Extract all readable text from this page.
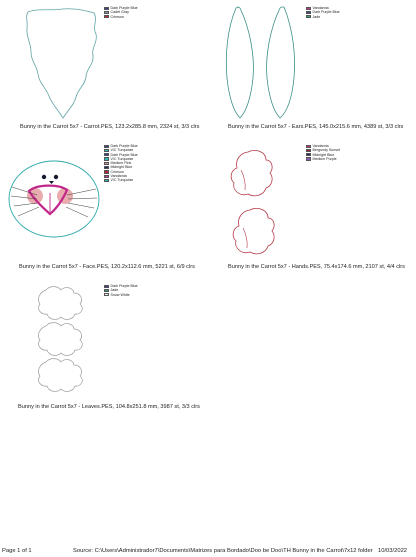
Dark Purple Blue
Cadet Gray
Crimson
Bunny in the Carrot 5x7 - Carrot.PES, 123.2x285.8 mm, 2324 st, 3/3 clrs
Vandarnia
Dark Purple Blue
Jade
Bunny in the Carrot 5x7 - Ears.PES, 145.0x215.6 mm, 4389 st, 3/3 clrs
Dark Purple Blue
V/C Turquoise
Dark Purple Blue
V/C Turquoise
Medium Pink
Midnight Blue
Crimson
Vandarnia
V/C Turquoise
Bunny in the Carrot 5x7 - Face.PES, 120.2x112.6 mm, 5221 st, 6/9 clrs
Vandarnia
Bergundy Sunset
Midnight Blue
Medium Purple
Bunny in the Carrot 5x7 - Hands.PES, 75.4x174.6 mm, 2107 st, 4/4 clrs
Dark Purple Blue
Jade
Snow White
Bunny in the Carrot 5x7 - Leaves.PES, 104.8x251.8 mm, 3987 st, 3/3 clrs
Page 1 of 1	Source: C:\Users\Administrador7\Documents\Matrizes para Bordado\Doo be Doo\TH Bunny in the Carrot\7x12 folder 10/03/2022
